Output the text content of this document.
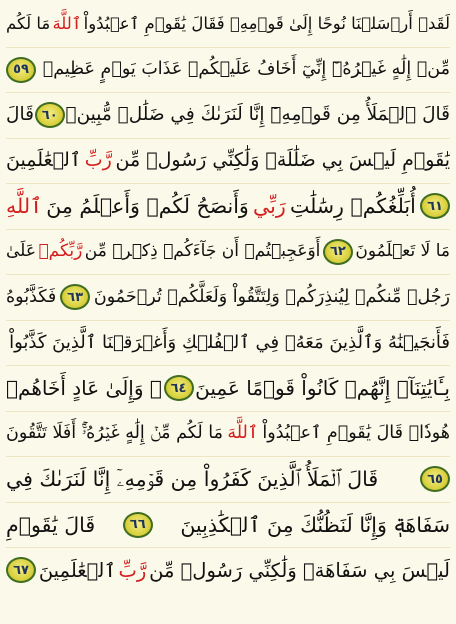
لَقَدۡ أَرۡسَلۡنَا نُوحًا إِلَىٰ قَوۡمِهِۦ فَقَالَ يَٰقَوۡمِ ٱعۡبُدُواْ
ٱللَّهَ
مَا لَكُم
مِّنۡ إِلَٰهٍ غَيۡرُهُۥٓ إِنِّيٓ أَخَافُ عَلَيۡكُمۡ عَذَابَ يَوۡمٍ عَظِيمٖ
٥٩
قَالَ ٱلۡمَلَأُ مِن قَوۡمِهِۦٓ إِنَّا لَنَرَىٰكَ فِي ضَلَٰلٖ مُّبِينٖ
٦٠
قَالَ
يَٰقَوۡمِ لَيۡسَ بِي ضَلَٰلَةٞ وَلَٰكِنِّي رَسُولٞ مِّن
رَّبِّ
ٱلۡعَٰلَمِينَ
٦١
أُبَلِّغُكُمۡ رِسَٰلَٰتِ
رَبِّي
وَأَنصَحُ لَكُمۡ وَأَعۡلَمُ مِنَ
ٱللَّهِ
مَا لَا تَعۡلَمُونَ
٦٢
أَوَعَجِبۡتُمۡ أَن جَآءَكُمۡ ذِكۡرٞ مِّن
رَّبِّكُمۡ
عَلَىٰ
رَجُلٖ مِّنكُمۡ لِيُنذِرَكُمۡ وَلِتَتَّقُواْ وَلَعَلَّكُمۡ تُرۡحَمُونَ
٦٣
فَكَذَّبُوهُ
فَأَنجَيۡنَٰهُ وَٱلَّذِينَ مَعَهُۥ فِي ٱلۡفُلۡكِ وَأَغۡرَقۡنَا ٱلَّذِينَ كَذَّبُواْ
بِـَٔايَٰتِنَآۚ إِنَّهُمۡ كَانُواْ قَوۡمًا عَمِينَ
٦٤
۞ وَإِلَىٰ عَادٍ أَخَاهُمۡ
هُودٗاۚ قَالَ يَٰقَوۡمِ ٱعۡبُدُواْ
ٱللَّهَ
مَا لَكُم مِّنۡ إِلَٰهٍ غَيۡرُهُۥٓۚ أَفَلَا تَتَّقُونَ
٦٥
قَالَ ٱلۡمَلَأُ ٱلَّذِينَ كَفَرُواْ مِن قَوۡمِهِۦٓ إِنَّا لَنَرَىٰكَ فِي
سَفَاهَةٖ وَإِنَّا لَنَظُنُّكَ مِنَ ٱلۡكَٰذِبِينَ
٦٦
قَالَ يَٰقَوۡمِ
لَيۡسَ بِي سَفَاهَةٞ وَلَٰكِنِّي رَسُولٞ مِّن
رَّبِّ
ٱلۡعَٰلَمِينَ
٦٧
